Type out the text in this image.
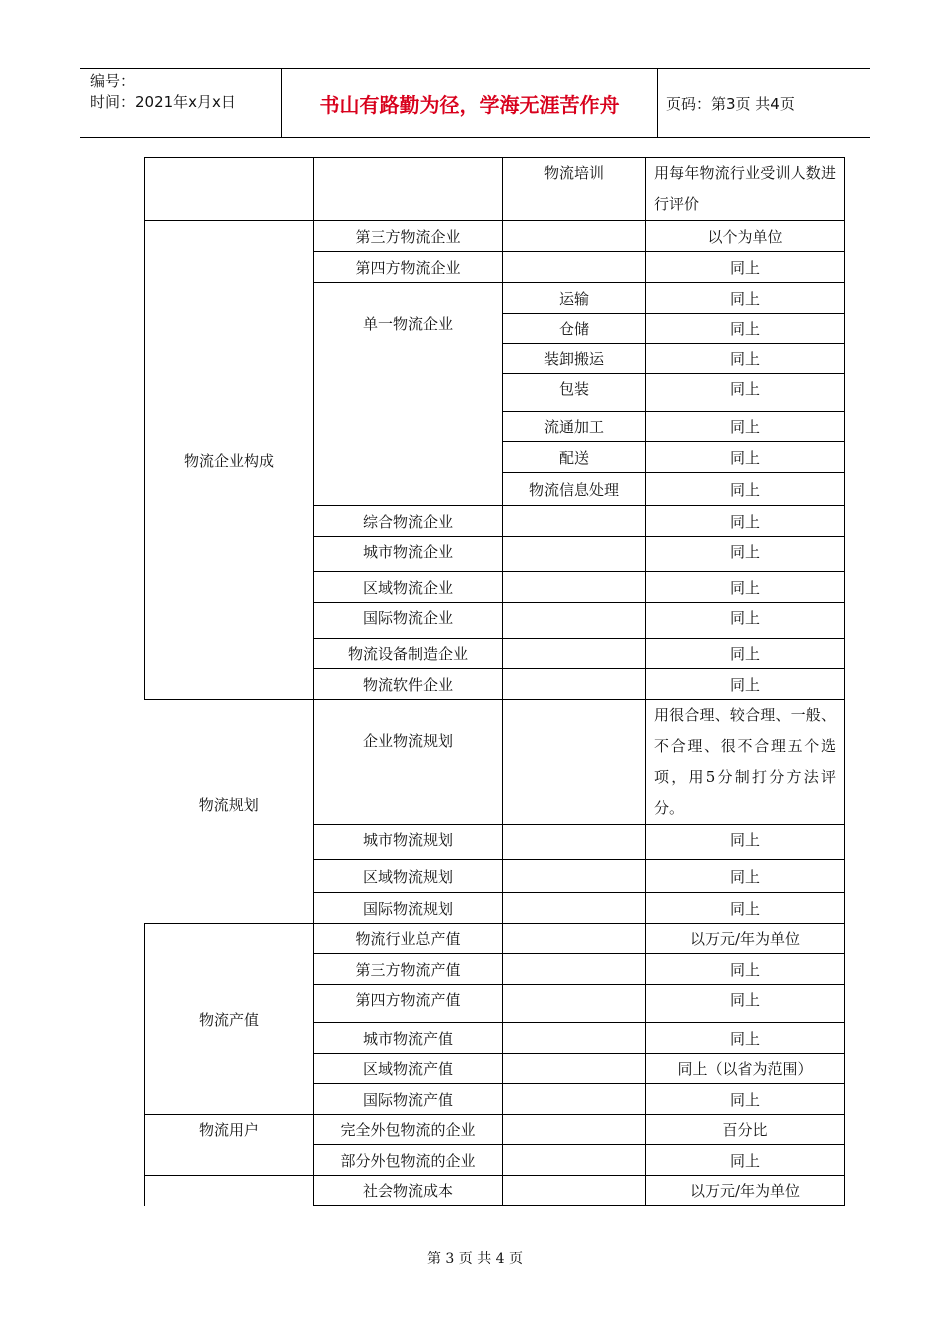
编号：
时间：2021年x月x日	书山有路勤为径，学海无涯苦作舟	页码：第3页 共4页
		物流培训	用每年物流行业受训人数进行评价
物流企业构成	第三方物流企业		以个为单位
	第四方物流企业		同上
	单一物流企业	运输	同上
		仓储	同上
		装卸搬运	同上
		包装	同上
		流通加工	同上
		配送	同上
		物流信息处理	同上
	综合物流企业		同上
	城市物流企业		同上
	区域物流企业		同上
	国际物流企业		同上
	物流设备制造企业		同上
	物流软件企业		同上
物流规划	企业物流规划		用很合理、较合理、一般、不合理、很不合理五个选项，用5分制打分方法评分。
	城市物流规划		同上
	区域物流规划		同上
	国际物流规划		同上
物流产值	物流行业总产值		以万元/年为单位
	第三方物流产值		同上
	第四方物流产值		同上
	城市物流产值		同上
	区域物流产值		同上（以省为范围）
	国际物流产值		同上
物流用户	完全外包物流的企业		百分比
	部分外包物流的企业		同上
	社会物流成本		以万元/年为单位
第 3 页 共 4 页
